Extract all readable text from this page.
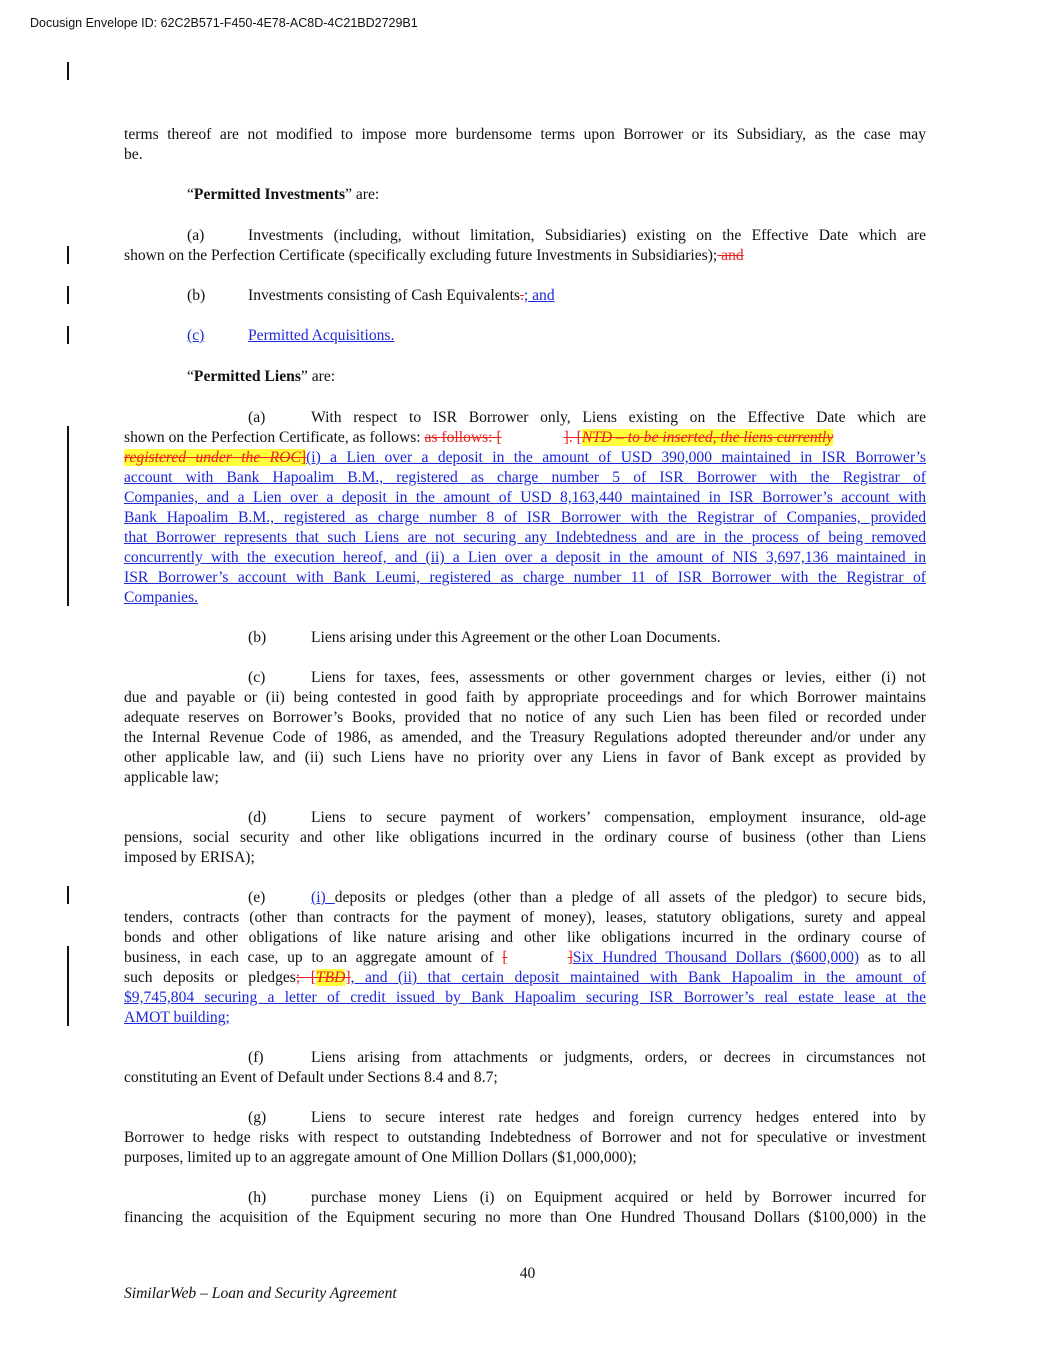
Docusign Envelope ID: 62C2B571-F450-4E78-AC8D-4C21BD2729B1
terms thereof are not modified to impose more burdensome terms upon Borrower or its Subsidiary, as the case may
be.
“Permitted Investments” are:
(a)	Investments (including, without limitation, Subsidiaries) existing on the Effective Date which are
shown on the Perfection Certificate (specifically excluding future Investments in Subsidiaries); and
(b)	Investments consisting of Cash Equivalents.; and
(c)	Permitted Acquisitions.
“Permitted Liens” are:
(a)	With respect to ISR Borrower only, Liens existing on the Effective Date which are
shown on the Perfection Certificate, as follows: as follows: [	]. [NTD – to be inserted, the liens currently
registered under the ROC](i) a Lien over a deposit in the amount of USD 390,000 maintained in ISR Borrower’s
account with Bank Hapoalim B.M., registered as charge number 5 of ISR Borrower with the Registrar of
Companies, and a Lien over a deposit in the amount of USD 8,163,440 maintained in ISR Borrower’s account with
Bank Hapoalim B.M., registered as charge number 8 of ISR Borrower with the Registrar of Companies, provided
that Borrower represents that such Liens are not securing any Indebtedness and are in the process of being removed
concurrently with the execution hereof, and (ii) a Lien over a deposit in the amount of NIS 3,697,136 maintained in
ISR Borrower’s account with Bank Leumi, registered as charge number 11 of ISR Borrower with the Registrar of
Companies.
(b)	Liens arising under this Agreement or the other Loan Documents.
(c)	Liens for taxes, fees, assessments or other government charges or levies, either (i) not
due and payable or (ii) being contested in good faith by appropriate proceedings and for which Borrower maintains
adequate reserves on Borrower’s Books, provided that no notice of any such Lien has been filed or recorded under
the Internal Revenue Code of 1986, as amended, and the Treasury Regulations adopted thereunder and/or under any
other applicable law, and (ii) such Liens have no priority over any Liens in favor of Bank except as provided by
applicable law;
(d)	Liens to secure payment of workers’ compensation, employment insurance, old-age
pensions, social security and other like obligations incurred in the ordinary course of business (other than Liens
imposed by ERISA);
(e)	(i) deposits or pledges (other than a pledge of all assets of the pledgor) to secure bids,
tenders, contracts (other than contracts for the payment of money), leases, statutory obligations, surety and appeal
bonds and other obligations of like nature arising and other like obligations incurred in the ordinary course of
business, in each case, up to an aggregate amount of [	]Six Hundred Thousand Dollars ($600,000) as to all
such deposits or pledges; [TBD], and (ii) that certain deposit maintained with Bank Hapoalim in the amount of
$9,745,804 securing a letter of credit issued by Bank Hapoalim securing ISR Borrower’s real estate lease at the
AMOT building;
(f)	Liens arising from attachments or judgments, orders, or decrees in circumstances not
constituting an Event of Default under Sections 8.4 and 8.7;
(g)	Liens to secure interest rate hedges and foreign currency hedges entered into by
Borrower to hedge risks with respect to outstanding Indebtedness of Borrower and not for speculative or investment
purposes, limited up to an aggregate amount of One Million Dollars ($1,000,000);
(h)	purchase money Liens (i) on Equipment acquired or held by Borrower incurred for
financing the acquisition of the Equipment securing no more than One Hundred Thousand Dollars ($100,000) in the
40
SimilarWeb – Loan and Security Agreement
